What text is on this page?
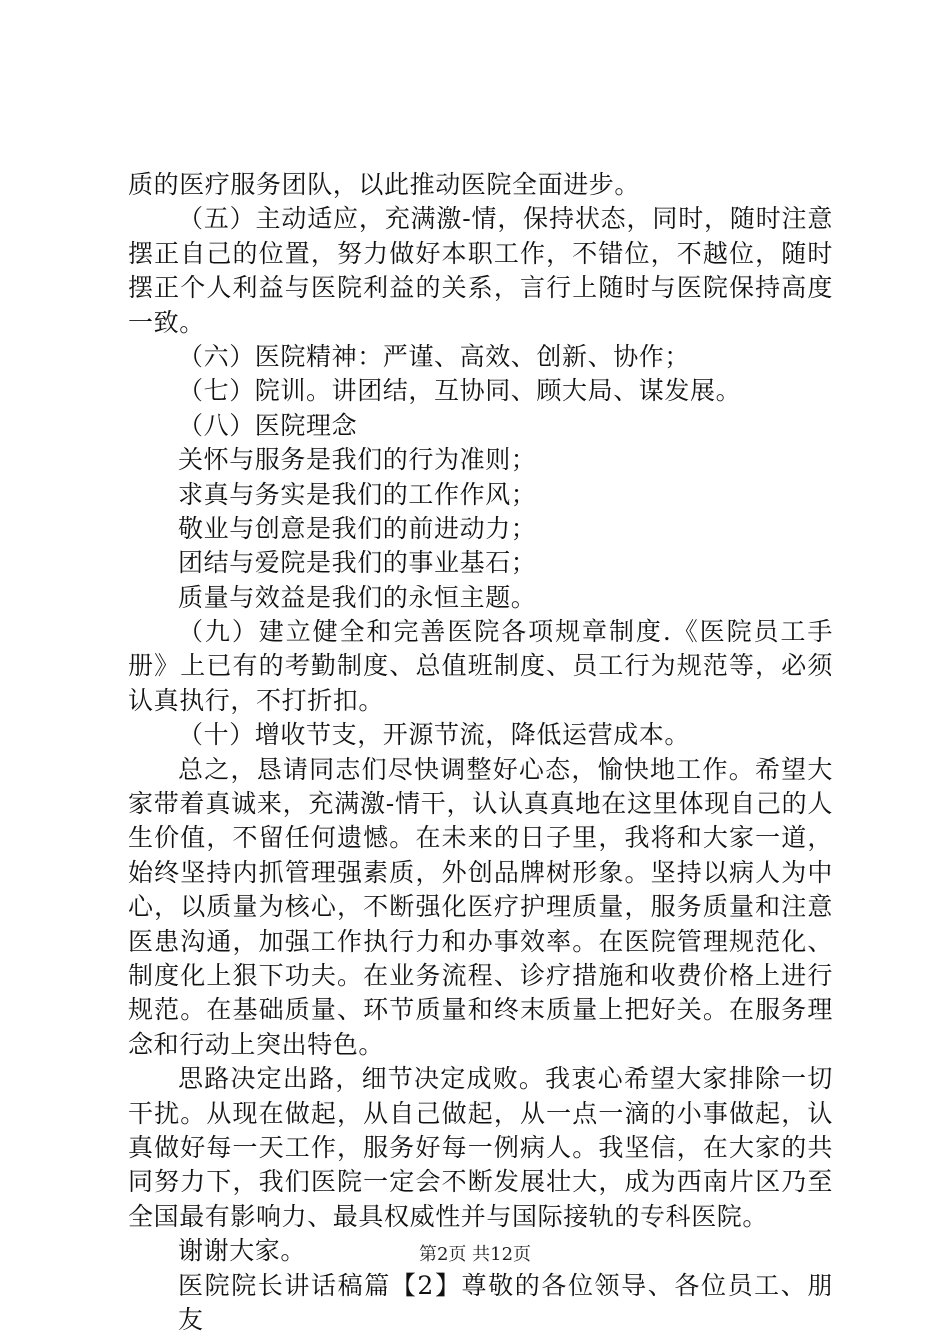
质的医疗服务团队，以此推动医院全面进步。
（五）主动适应，充满激-情，保持状态，同时，随时注意
摆正自己的位置，努力做好本职工作，不错位，不越位，随时
摆正个人利益与医院利益的关系，言行上随时与医院保持高度
一致。
（六）医院精神：严谨、高效、创新、协作；
（七）院训。讲团结，互协同、顾大局、谋发展。
（八）医院理念
关怀与服务是我们的行为准则；
求真与务实是我们的工作作风；
敬业与创意是我们的前进动力；
团结与爱院是我们的事业基石；
质量与效益是我们的永恒主题。
（九）建立健全和完善医院各项规章制度.《医院员工手
册》上已有的考勤制度、总值班制度、员工行为规范等，必须
认真执行，不打折扣。
（十）增收节支，开源节流，降低运营成本。
总之，恳请同志们尽快调整好心态，愉快地工作。希望大
家带着真诚来，充满激-情干，认认真真地在这里体现自己的人
生价值，不留任何遗憾。在未来的日子里，我将和大家一道，
始终坚持内抓管理强素质，外创品牌树形象。坚持以病人为中
心，以质量为核心，不断强化医疗护理质量，服务质量和注意
医患沟通，加强工作执行力和办事效率。在医院管理规范化、
制度化上狠下功夫。在业务流程、诊疗措施和收费价格上进行
规范。在基础质量、环节质量和终末质量上把好关。在服务理
念和行动上突出特色。
思路决定出路，细节决定成败。我衷心希望大家排除一切
干扰。从现在做起，从自己做起，从一点一滴的小事做起，认
真做好每一天工作，服务好每一例病人。我坚信，在大家的共
同努力下，我们医院一定会不断发展壮大，成为西南片区乃至
全国最有影响力、最具权威性并与国际接轨的专科医院。
谢谢大家。
医院院长讲话稿篇【2】尊敬的各位领导、各位员工、朋友
第2页 共12页
